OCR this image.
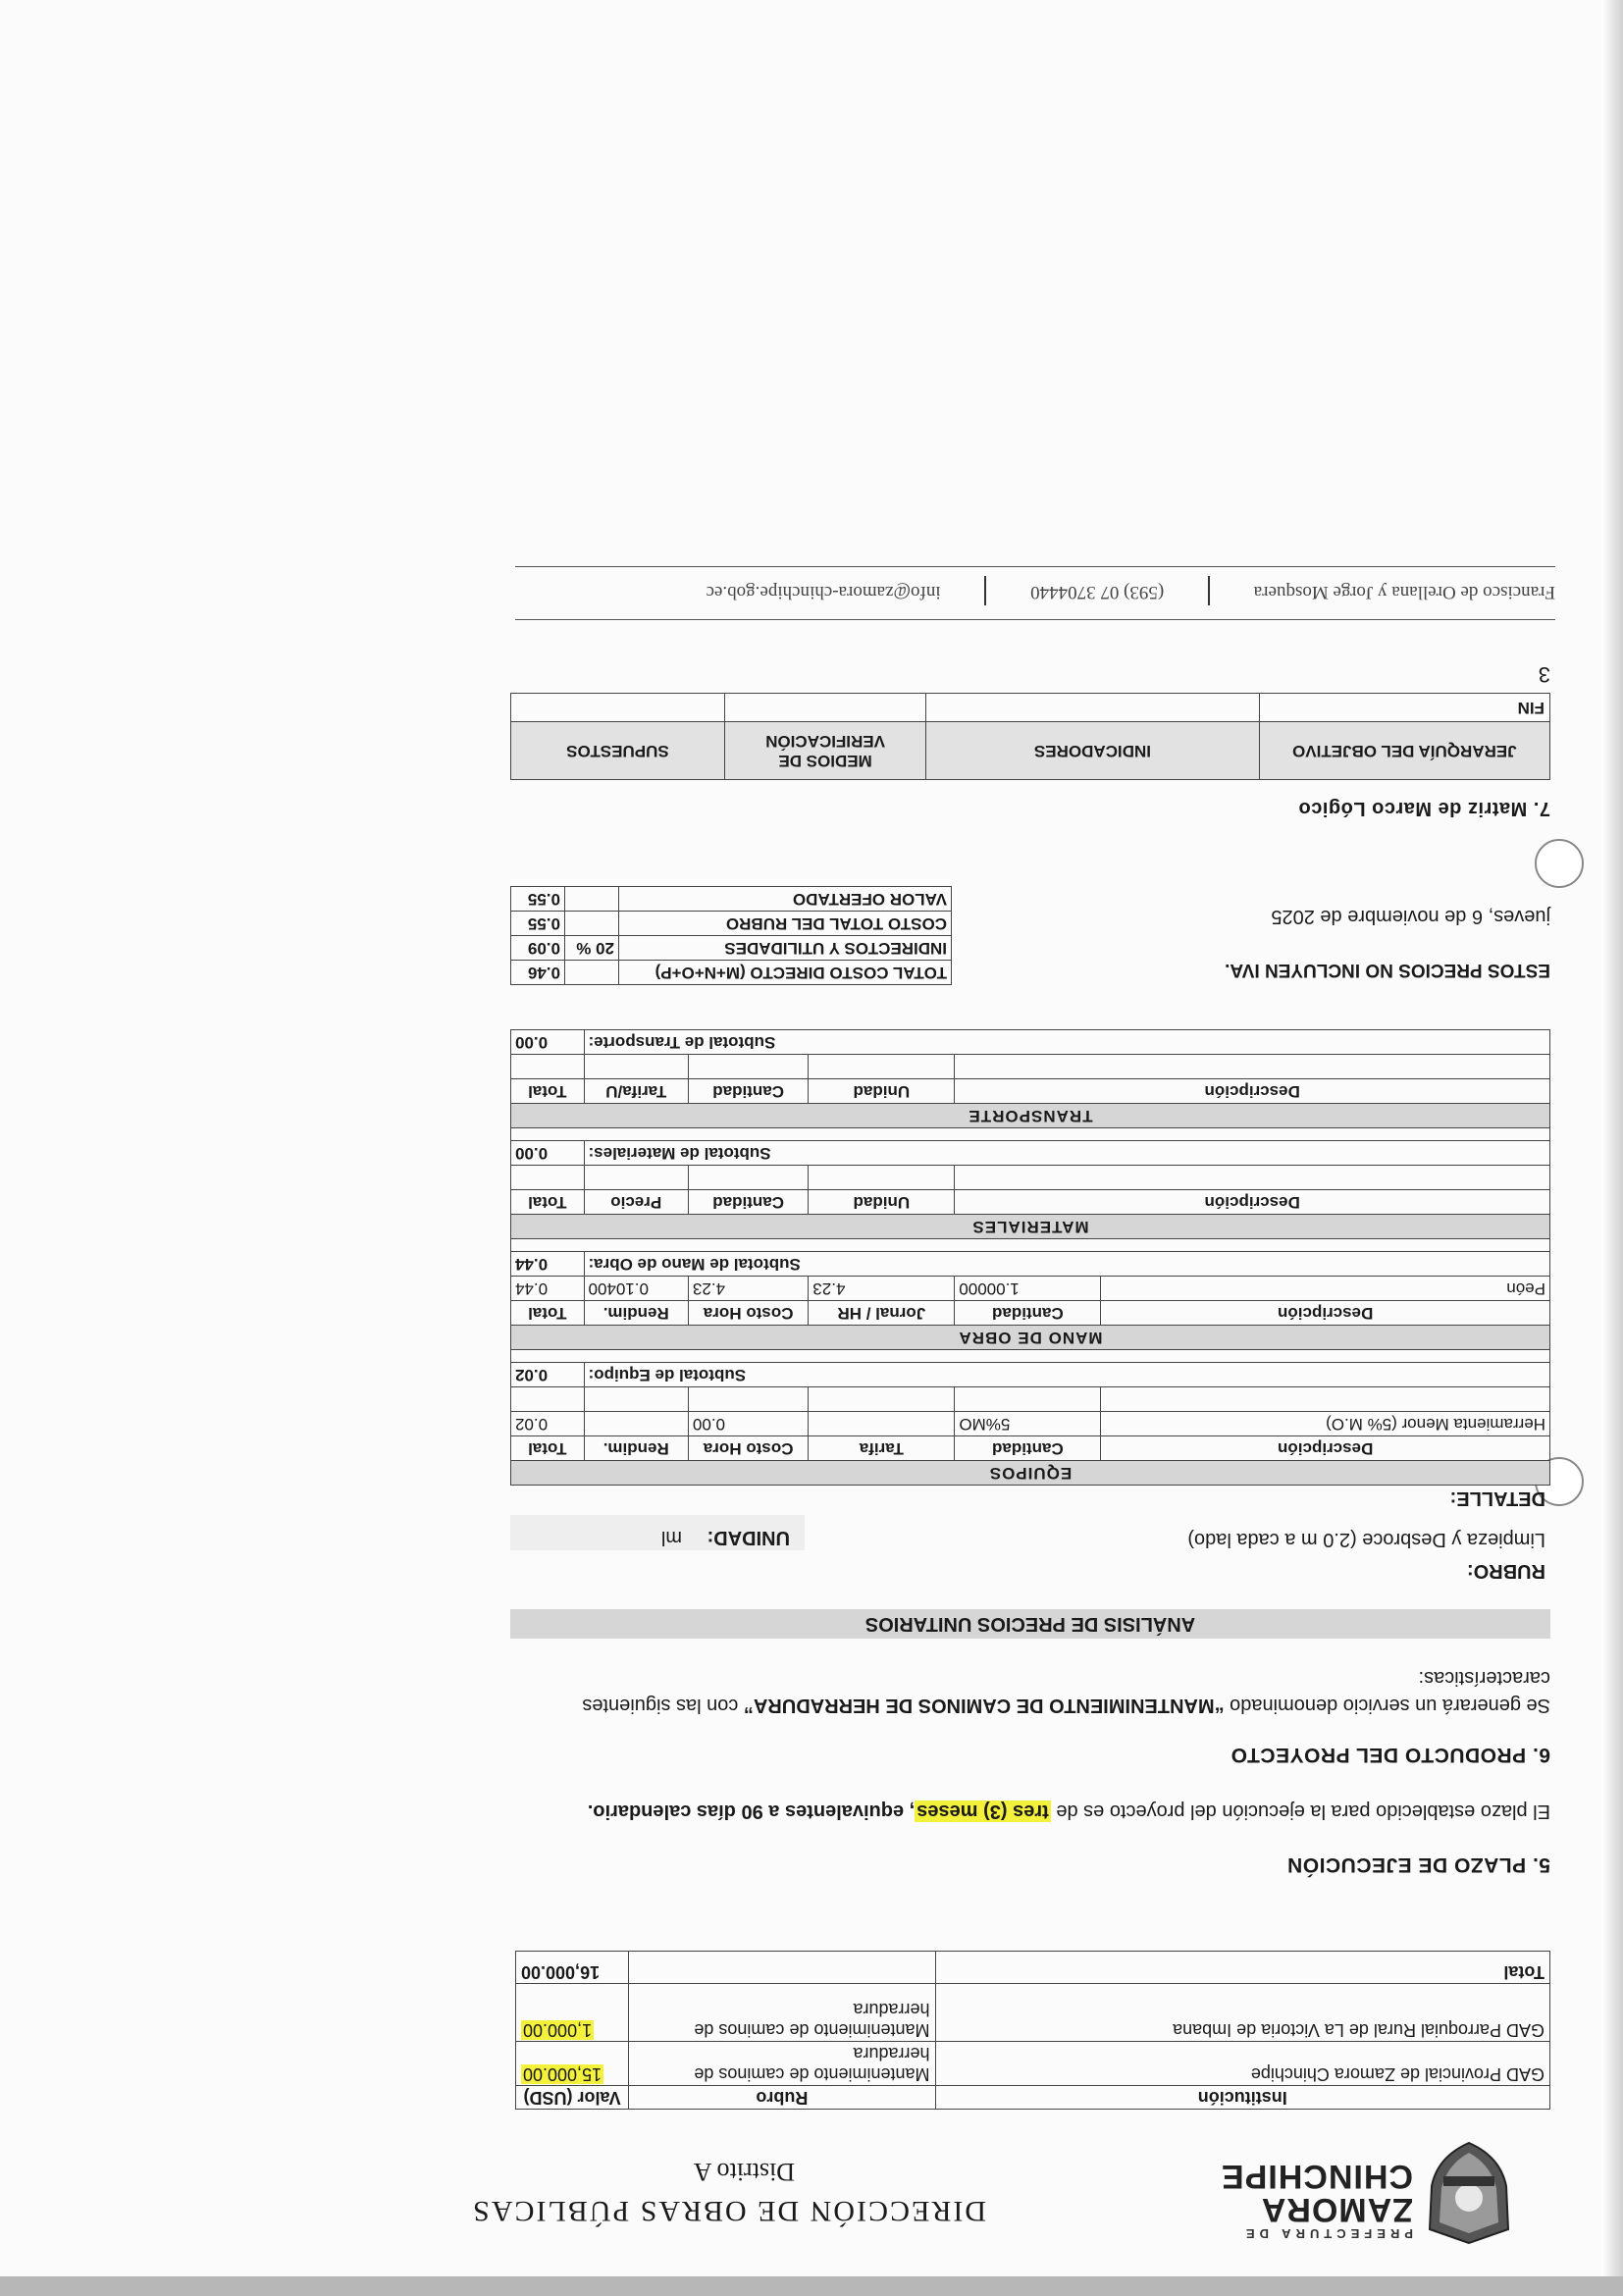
PREFECTURA DE
ZAMORA
CHINCHIPE
DIRECCIÓN DE OBRAS PÚBLICAS
Distrito A
Institución	Rubro	Valor (USD)
GAD Provincial de Zamora Chinchipe	Mantenimiento de caminos de herradura	15,000.00
GAD Parroquial Rural de La Victoria de Imbana	Mantenimiento de caminos de herradura	1,000.00
Total		16,000.00
5. PLAZO DE EJECUCIÓN
El plazo establecido para la ejecución del proyecto es de tres (3) meses, equivalentes a 90 días calendario.
6. PRODUCTO DEL PROYECTO
Se generará un servicio denominado “MANTENIMIENTO DE CAMINOS DE HERRADURA” con las siguientes características:
ANÁLISIS DE PRECIOS UNITARIOS
RUBRO:
Limpieza y Desbroce (2.0 m a cada lado)
UNIDAD:
ml
DETALLE:
EQUIPOS					
Descripción	Cantidad	Tarifa	Costo Hora	Rendim.	Total
Herramienta Menor (5% M.O)	5%MO		0.00		0.02

Subtotal de Equipo:					0.02

MANO DE OBRA					
Descripción	Cantidad	Jornal / HR	Costo Hora	Rendim.	Total
Peón	1.00000	4.23	4.23	0.10400	0.44
Subtotal de Mano de Obra:					0.44

MATERIALES					
Descripción		Unidad	Cantidad	Precio	Total

Subtotal de Materiales:					0.00

TRANSPORTE					
Descripción		Unidad	Cantidad	Tarifa/U	Total

Subtotal de Transporte:					0.00
ESTOS PRECIOS NO INCLUYEN IVA.
jueves, 6 de noviembre de 2025
TOTAL COSTO DIRECTO (M+N+O+P)		0.46
INDIRECTOS Y UTILIDADES	20 %	0.09
COSTO TOTAL DEL RUBRO		0.55
VALOR OFERTADO		0.55
7. Matriz de Marco Lógico
JERARQUÍA DEL OBJETIVO	INDICADORES	MEDIOS DE VERIFICACIÓN	SUPUESTOS
FIN			
3
Francisco de Orellana y Jorge Mosquera  (593) 07 3704440  info@zamora-chinchipe.gob.ec
